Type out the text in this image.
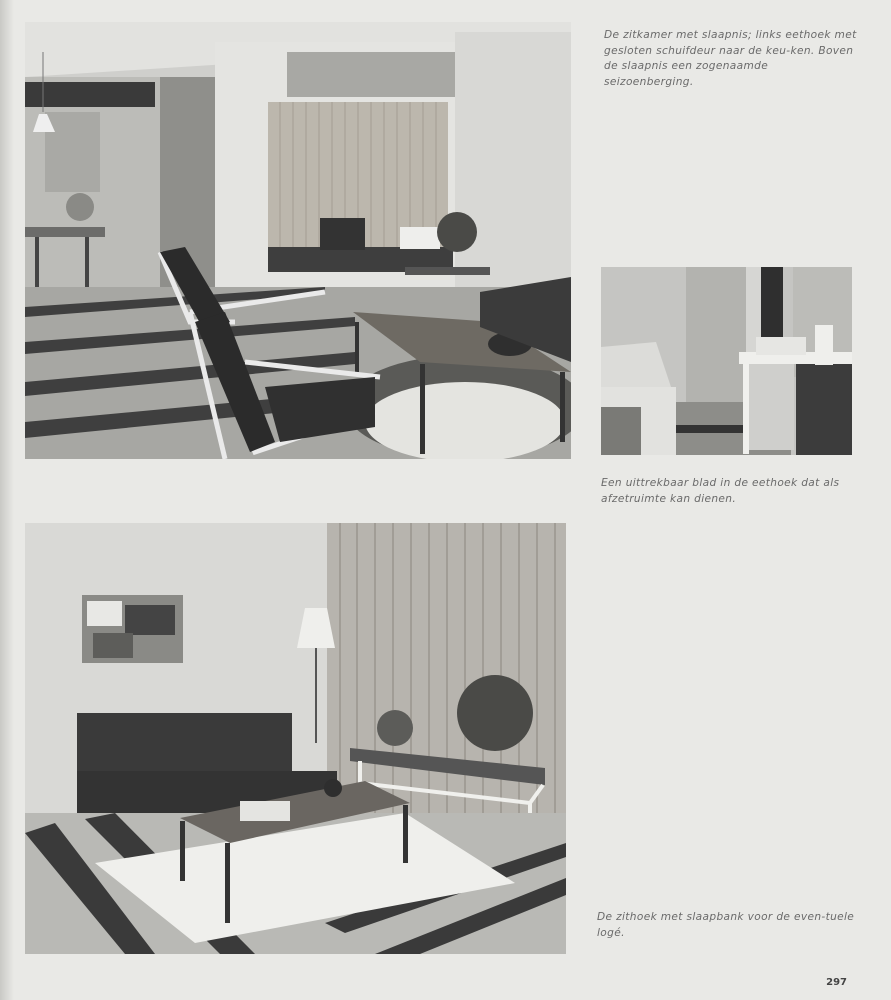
De zitkamer met slaapnis; links eethoek met gesloten schuifdeur naar de keu-ken. Boven de slaapnis een zogenaamde seizoenberging.

Een uittrekbaar blad in de eethoek dat als afzetruimte kan dienen.

De zithoek met slaapbank voor de even-tuele logé.

297
